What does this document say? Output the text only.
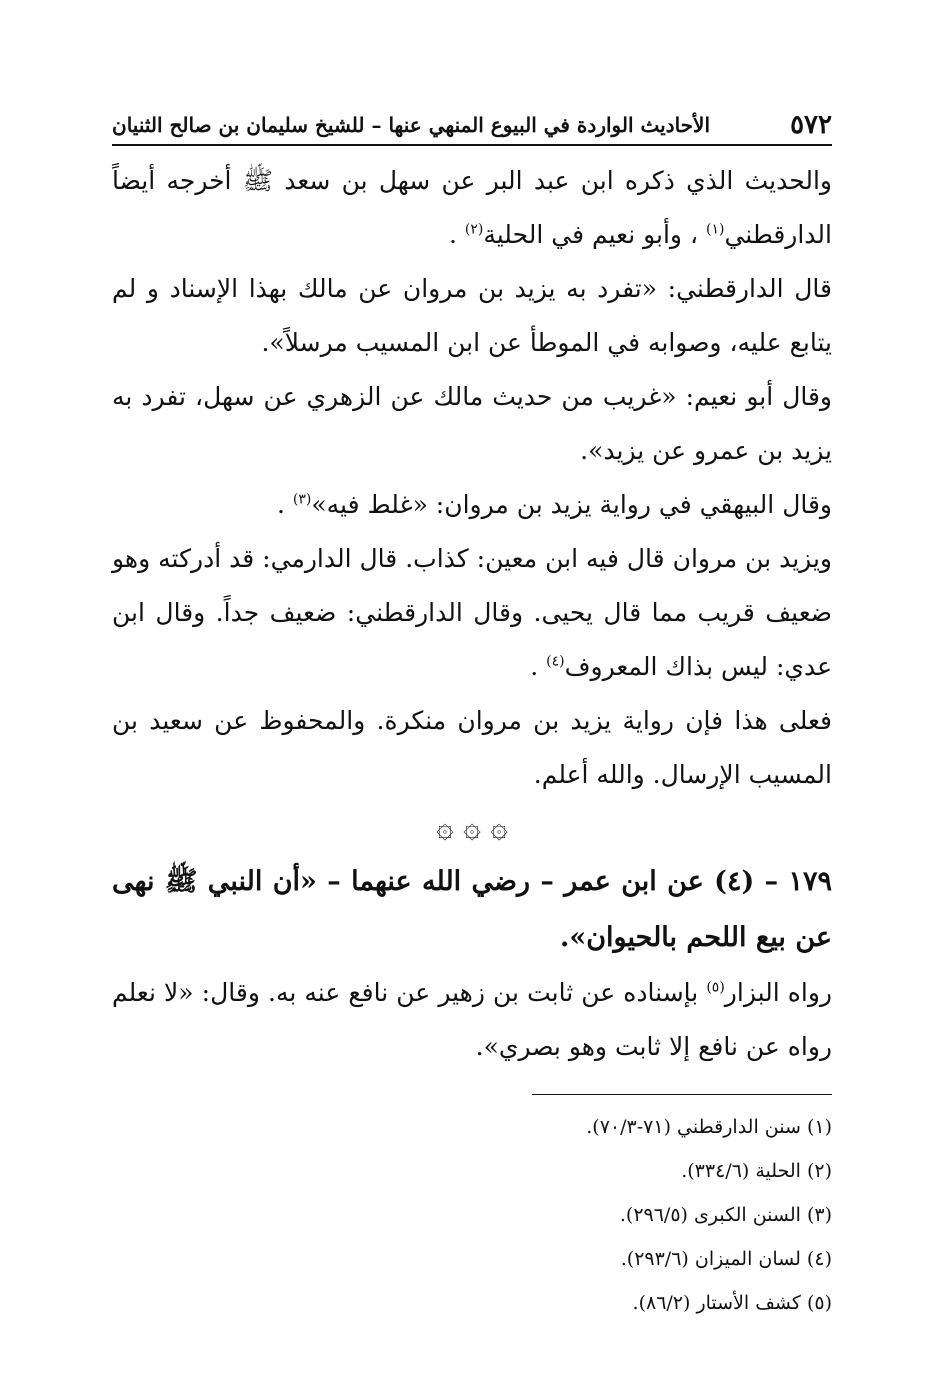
٥٧٢
الأحاديث الواردة في البيوع المنهي عنها – للشيخ سليمان بن صالح الثنيان

والحديث الذي ذكره ابن عبد البر عن سهل بن سعد ﷺ أخرجه أيضاً الدارقطني$^{(١)}$ ، وأبو نعيم في الحلية$^{(٢)}$ .

قال الدارقطني: «تفرد به يزيد بن مروان عن مالك بهذا الإسناد و لم يتابع عليه، وصوابه في الموطأ عن ابن المسيب مرسلاً».

وقال أبو نعيم: «غريب من حديث مالك عن الزهري عن سهل، تفرد به يزيد بن عمرو عن يزيد».

وقال البيهقي في رواية يزيد بن مروان: «غلط فيه»$^{(٣)}$ .

ويزيد بن مروان قال فيه ابن معين: كذاب. قال الدارمي: قد أدركته وهو ضعيف قريب مما قال يحيى. وقال الدارقطني: ضعيف جداً. وقال ابن عدي: ليس بذاك المعروف$^{(٤)}$ .

فعلى هذا فإن رواية يزيد بن مروان منكرة. والمحفوظ عن سعيد بن المسيب الإرسال. والله أعلم.

۞ ۞ ۞

١٧٩ – (٤) عن ابن عمر – رضي الله عنهما – «أن النبي ﷺ نهى عن بيع اللحم بالحيوان».

رواه البزار$^{(٥)}$ بإسناده عن ثابت بن زهير عن نافع عنه به. وقال: «لا نعلم رواه عن نافع إلا ثابت وهو بصري».

(١) سنن الدارقطني (٧١-٧٠/٣).

(٢) الحلية (٣٣٤/٦).

(٣) السنن الكبرى (٢٩٦/٥).

(٤) لسان الميزان (٢٩٣/٦).

(٥) كشف الأستار (٨٦/٢).
